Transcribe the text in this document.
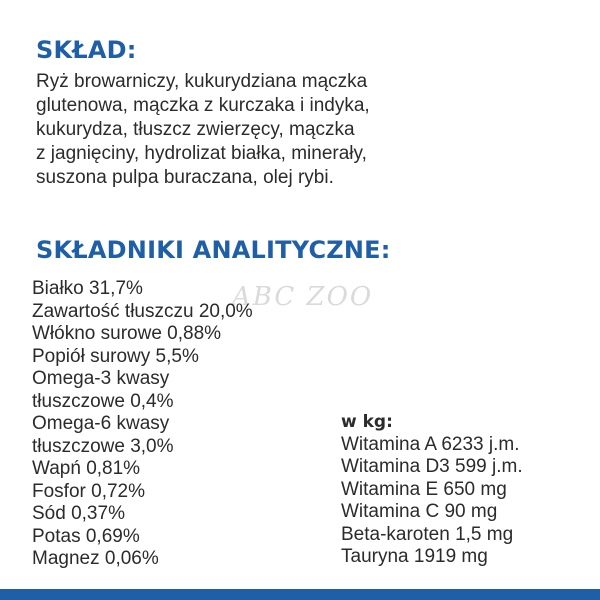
SKŁAD:
Ryż browarniczy, kukurydziana mączka
glutenowa, mączka z kurczaka i indyka,
kukurydza, tłuszcz zwierzęcy, mączka
z jagnięciny, hydrolizat białka, minerały,
suszona pulpa buraczana, olej rybi.
SKŁADNIKI ANALITYCZNE:
ABC ZOO
Białko 31,7%
Zawartość tłuszczu 20,0%
Włókno surowe 0,88%
Popiół surowy 5,5%
Omega-3 kwasy
tłuszczowe 0,4%
Omega-6 kwasy
tłuszczowe 3,0%
Wapń 0,81%
Fosfor 0,72%
Sód 0,37%
Potas 0,69%
Magnez 0,06%
w kg:
Witamina A 6233 j.m.
Witamina D3 599 j.m.
Witamina E 650 mg
Witamina C 90 mg
Beta-karoten 1,5 mg
Tauryna 1919 mg
